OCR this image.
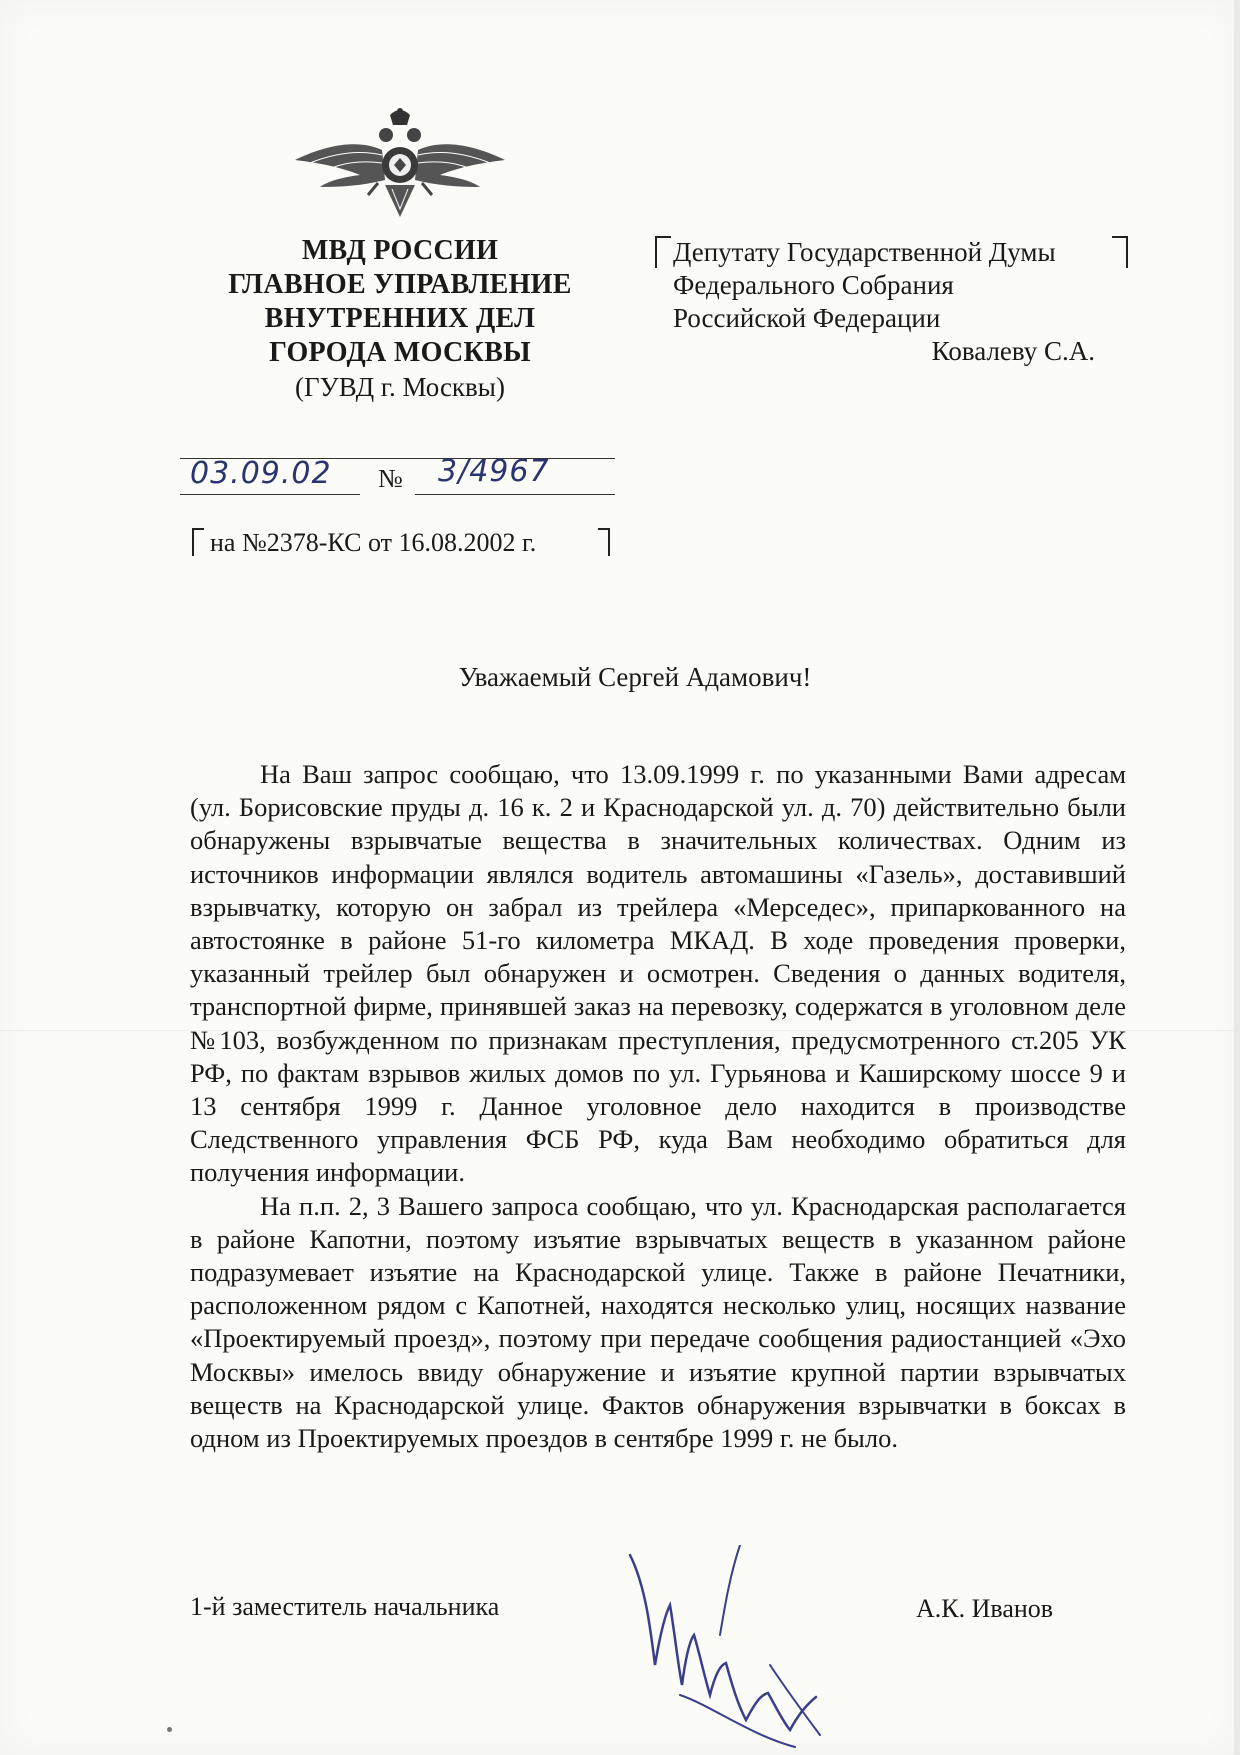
МВД РОССИИ
ГЛАВНОЕ УПРАВЛЕНИЕ
ВНУТРЕННИХ ДЕЛ
ГОРОДА МОСКВЫ
(ГУВД г. Москвы)
Депутату Государственной Думы
Федерального Собрания
Российской Федерации
Ковалеву С.А.
03.09.02 № 3/4967
на №2378-КС от 16.08.2002 г.
Уважаемый Сергей Адамович!

На Ваш запрос сообщаю, что 13.09.1999 г. по указанными Вами адресам (ул. Борисовские пруды д. 16 к. 2 и Краснодарской ул. д. 70) действительно были обнаружены взрывчатые вещества в значительных количествах. Одним из источников информации являлся водитель автомашины «Газель», доставивший взрывчатку, которую он забрал из трейлера «Мерседес», припаркованного на автостоянке в районе 51-го километра МКАД. В ходе проведения проверки, указанный трейлер был обнаружен и осмотрен. Сведения о данных водителя, транспортной фирме, принявшей заказ на перевозку, содержатся в уголовном деле №103, возбужденном по признакам преступления, предусмотренного ст.205 УК РФ, по фактам взрывов жилых домов по ул. Гурьянова и Каширскому шоссе 9 и 13 сентября 1999 г. Данное уголовное дело находится в производстве Следственного управления ФСБ РФ, куда Вам необходимо обратиться для получения информации.

На п.п. 2, 3 Вашего запроса сообщаю, что ул. Краснодарская располагается в районе Капотни, поэтому изъятие взрывчатых веществ в указанном районе подразумевает изъятие на Краснодарской улице. Также в районе Печатники, расположенном рядом с Капотней, находятся несколько улиц, носящих название «Проектируемый проезд», поэтому при передаче сообщения радиостанцией «Эхо Москвы» имелось ввиду обнаружение и изъятие крупной партии взрывчатых веществ на Краснодарской улице. Фактов обнаружения взрывчатки в боксах в одном из Проектируемых проездов в сентябре 1999 г. не было.

1-й заместитель начальника	А.К. Иванов
